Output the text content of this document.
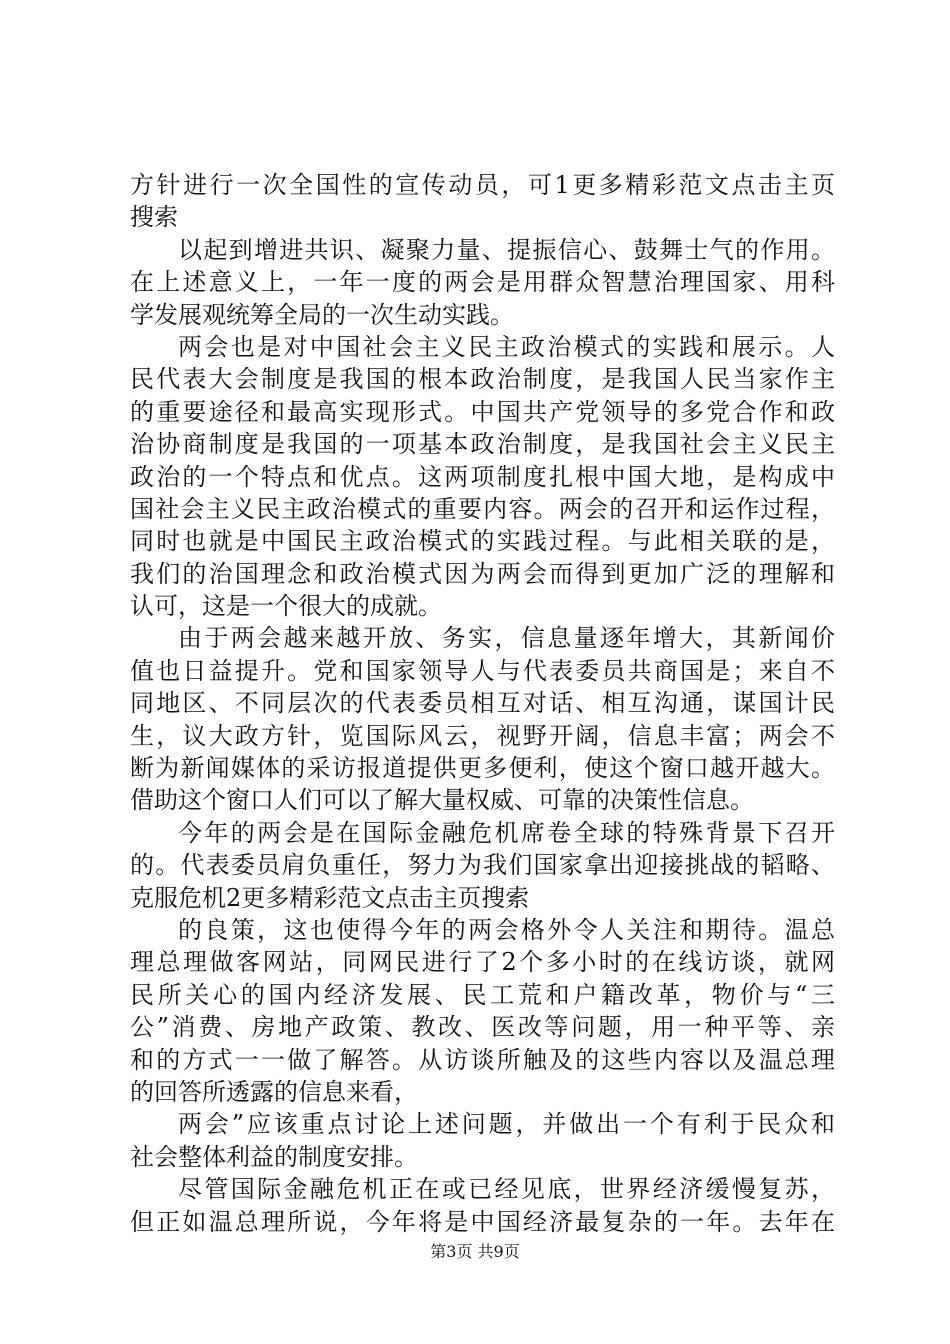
方针进行一次全国性的宣传动员，可1更多精彩范文点击主页
搜索
以起到增进共识、凝聚力量、提振信心、鼓舞士气的作用。
在上述意义上，一年一度的两会是用群众智慧治理国家、用科
学发展观统筹全局的一次生动实践。
两会也是对中国社会主义民主政治模式的实践和展示。人
民代表大会制度是我国的根本政治制度，是我国人民当家作主
的重要途径和最高实现形式。中国共产党领导的多党合作和政
治协商制度是我国的一项基本政治制度，是我国社会主义民主
政治的一个特点和优点。这两项制度扎根中国大地，是构成中
国社会主义民主政治模式的重要内容。两会的召开和运作过程，
同时也就是中国民主政治模式的实践过程。与此相关联的是，
我们的治国理念和政治模式因为两会而得到更加广泛的理解和
认可，这是一个很大的成就。
由于两会越来越开放、务实，信息量逐年增大，其新闻价
值也日益提升。党和国家领导人与代表委员共商国是；来自不
同地区、不同层次的代表委员相互对话、相互沟通，谋国计民
生，议大政方针，览国际风云，视野开阔，信息丰富；两会不
断为新闻媒体的采访报道提供更多便利，使这个窗口越开越大。
借助这个窗口人们可以了解大量权威、可靠的决策性信息。
今年的两会是在国际金融危机席卷全球的特殊背景下召开
的。代表委员肩负重任，努力为我们国家拿出迎接挑战的韬略、
克服危机2更多精彩范文点击主页搜索
的良策，这也使得今年的两会格外令人关注和期待。温总
理总理做客网站，同网民进行了2个多小时的在线访谈，就网
民所关心的国内经济发展、民工荒和户籍改革，物价与“三
公”消费、房地产政策、教改、医改等问题，用一种平等、亲
和的方式一一做了解答。从访谈所触及的这些内容以及温总理
的回答所透露的信息来看，
两会”应该重点讨论上述问题，并做出一个有利于民众和
社会整体利益的制度安排。
尽管国际金融危机正在或已经见底，世界经济缓慢复苏，
但正如温总理所说，今年将是中国经济最复杂的一年。去年在
第3页 共9页
